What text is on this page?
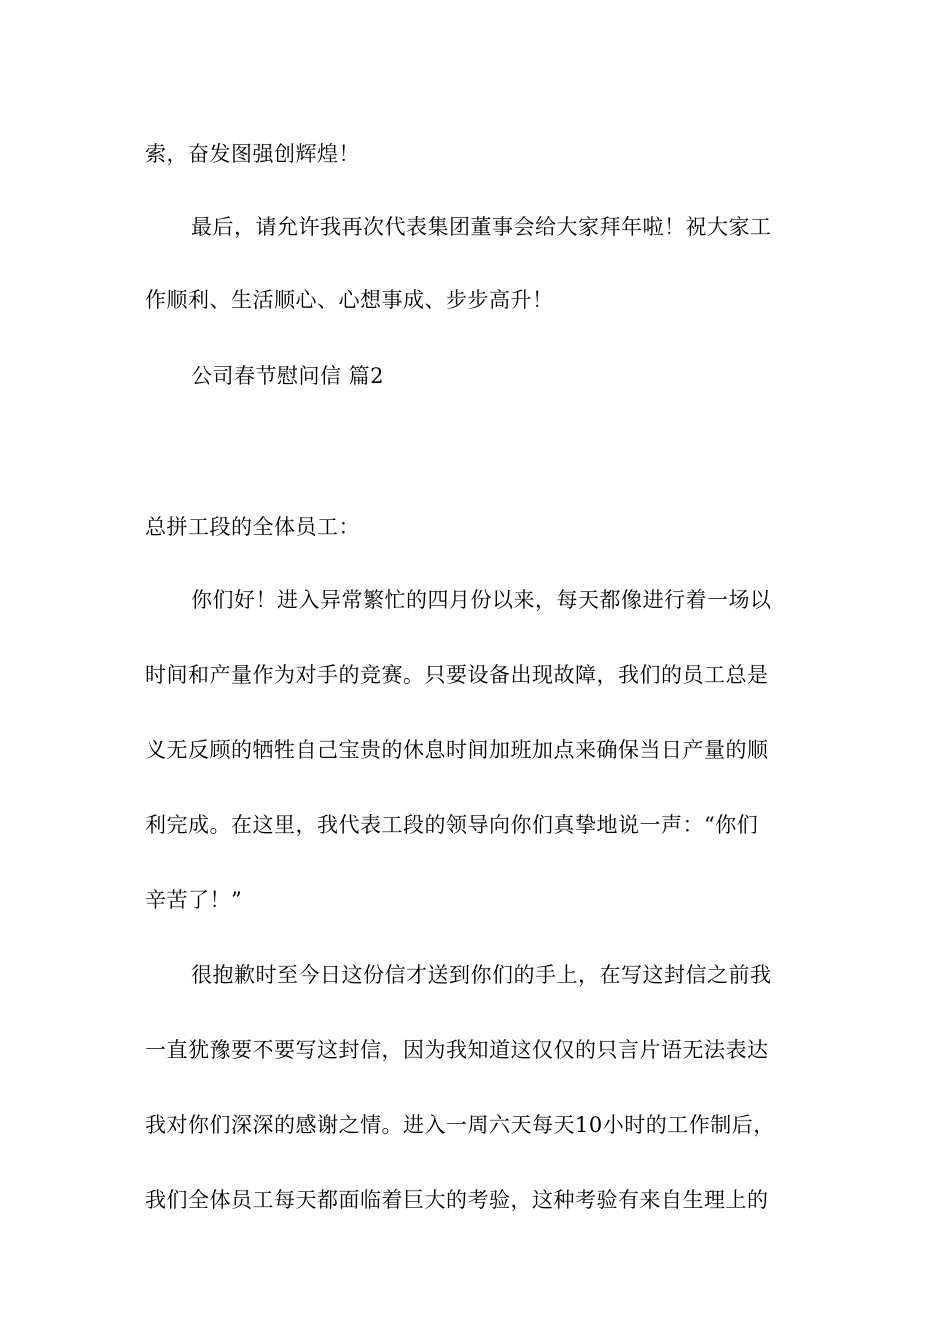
索，奋发图强创辉煌！
最后，请允许我再次代表集团董事会给大家拜年啦！祝大家工
作顺利、生活顺心、心想事成、步步高升！
公司春节慰问信 篇2
总拼工段的全体员工：
你们好！进入异常繁忙的四月份以来，每天都像进行着一场以
时间和产量作为对手的竞赛。只要设备出现故障，我们的员工总是
义无反顾的牺牲自己宝贵的休息时间加班加点来确保当日产量的顺
利完成。在这里，我代表工段的领导向你们真挚地说一声：“你们
辛苦了！”
很抱歉时至今日这份信才送到你们的手上，在写这封信之前我
一直犹豫要不要写这封信，因为我知道这仅仅的只言片语无法表达
我对你们深深的感谢之情。进入一周六天每天10小时的工作制后，
我们全体员工每天都面临着巨大的考验，这种考验有来自生理上的
